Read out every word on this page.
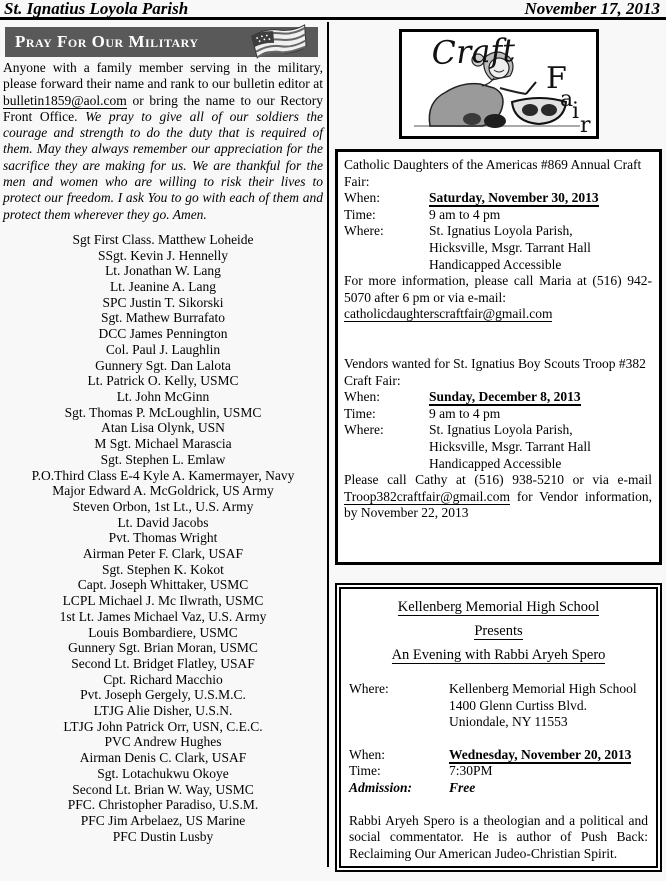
St. Ignatius Loyola Parish	November 17, 2013
Pray For Our Military

Anyone with a family member serving in the military, please forward their name and rank to our bulletin editor at bulletin1859@aol.com or bring the name to our Rectory Front Office. We pray to give all of our soldiers the courage and strength to do the duty that is required of them. May they always remember our appreciation for the sacrifice they are making for us. We are thankful for the men and women who are willing to risk their lives to protect our freedom. I ask You to go with each of them and protect them wherever they go. Amen.

Sgt First Class. Matthew Loheide
SSgt. Kevin J. Hennelly
Lt. Jonathan W. Lang
Lt. Jeanine A. Lang
SPC Justin T. Sikorski
Sgt. Mathew Burrafato
DCC James Pennington
Col. Paul J. Laughlin
Gunnery Sgt. Dan Lalota
Lt. Patrick O. Kelly, USMC
Lt. John McGinn
Sgt. Thomas P. McLoughlin, USMC
Atan Lisa Olynk, USN
M Sgt. Michael Marascia
Sgt. Stephen L. Emlaw
P.O.Third Class E-4 Kyle A. Kamermayer, Navy
Major Edward A. McGoldrick, US Army
Steven Orbon, 1st Lt., U.S. Army
Lt. David Jacobs
Pvt. Thomas Wright
Airman Peter F. Clark, USAF
Sgt. Stephen K. Kokot
Capt. Joseph Whittaker, USMC
LCPL Michael J. Mc Ilwrath, USMC
1st Lt. James Michael Vaz, U.S. Army
Louis Bombardiere, USMC
Gunnery Sgt. Brian Moran, USMC
Second Lt. Bridget Flatley, USAF
Cpt. Richard Macchio
Pvt. Joseph Gergely, U.S.M.C.
LTJG Alie Disher, U.S.N.
LTJG John Patrick Orr, USN, C.E.C.
PVC Andrew Hughes
Airman Denis C. Clark, USAF
Sgt. Lotachukwu Okoye
Second Lt. Brian W. Way, USMC
PFC. Christopher Paradiso, U.S.M.
PFC Jim Arbelaez, US Marine
PFC Dustin Lusby
Craft
F
a
i
r
Catholic Daughters of the Americas #869 Annual Craft Fair:
When:	Saturday, November 30, 2013
Time:	9 am to 4 pm
Where:	St. Ignatius Loyola Parish,
Hicksville, Msgr. Tarrant Hall
Handicapped Accessible
For more information, please call Maria at (516) 942-5070 after 6 pm or via e-mail:
catholicdaughterscraftfair@gmail.com
Vendors wanted for St. Ignatius Boy Scouts Troop #382 Craft Fair:
When:	Sunday, December 8, 2013
Time:	9 am to 4 pm
Where:	St. Ignatius Loyola Parish,
Hicksville, Msgr. Tarrant Hall
Handicapped Accessible
Please call Cathy at (516) 938-5210 or via e-mail Troop382craftfair@gmail.com for Vendor information, by November 22, 2013
Kellenberg Memorial High School
Presents
An Evening with Rabbi Aryeh Spero
Where:	Kellenberg Memorial High School
1400 Glenn Curtiss Blvd.
Uniondale, NY 11553
When:	Wednesday, November 20, 2013
Time:	7:30PM
Admission:	Free
Rabbi Aryeh Spero is a theologian and a political and social commentator. He is author of Push Back: Reclaiming Our American Judeo-Christian Spirit.
